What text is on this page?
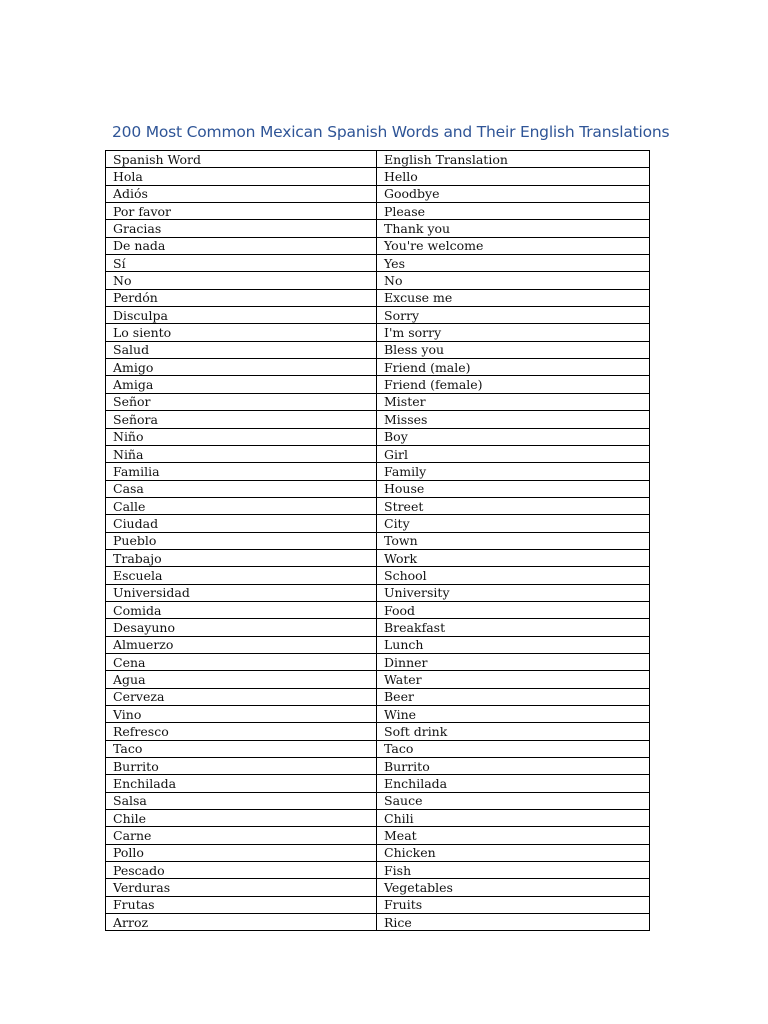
200 Most Common Mexican Spanish Words and Their English Translations
Spanish Word	English Translation
Hola	Hello
Adiós	Goodbye
Por favor	Please
Gracias	Thank you
De nada	You're welcome
Sí	Yes
No	No
Perdón	Excuse me
Disculpa	Sorry
Lo siento	I'm sorry
Salud	Bless you
Amigo	Friend (male)
Amiga	Friend (female)
Señor	Mister
Señora	Misses
Niño	Boy
Niña	Girl
Familia	Family
Casa	House
Calle	Street
Ciudad	City
Pueblo	Town
Trabajo	Work
Escuela	School
Universidad	University
Comida	Food
Desayuno	Breakfast
Almuerzo	Lunch
Cena	Dinner
Agua	Water
Cerveza	Beer
Vino	Wine
Refresco	Soft drink
Taco	Taco
Burrito	Burrito
Enchilada	Enchilada
Salsa	Sauce
Chile	Chili
Carne	Meat
Pollo	Chicken
Pescado	Fish
Verduras	Vegetables
Frutas	Fruits
Arroz	Rice
